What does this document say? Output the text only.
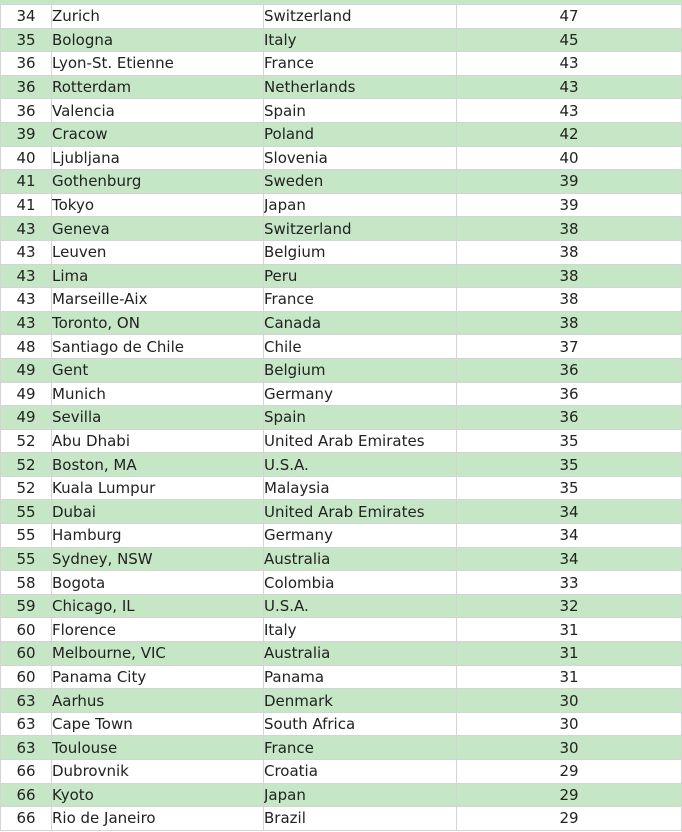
34	Zurich	Switzerland	47
35	Bologna	Italy	45
36	Lyon-St. Etienne	France	43
36	Rotterdam	Netherlands	43
36	Valencia	Spain	43
39	Cracow	Poland	42
40	Ljubljana	Slovenia	40
41	Gothenburg	Sweden	39
41	Tokyo	Japan	39
43	Geneva	Switzerland	38
43	Leuven	Belgium	38
43	Lima	Peru	38
43	Marseille-Aix	France	38
43	Toronto, ON	Canada	38
48	Santiago de Chile	Chile	37
49	Gent	Belgium	36
49	Munich	Germany	36
49	Sevilla	Spain	36
52	Abu Dhabi	United Arab Emirates	35
52	Boston, MA	U.S.A.	35
52	Kuala Lumpur	Malaysia	35
55	Dubai	United Arab Emirates	34
55	Hamburg	Germany	34
55	Sydney, NSW	Australia	34
58	Bogota	Colombia	33
59	Chicago, IL	U.S.A.	32
60	Florence	Italy	31
60	Melbourne, VIC	Australia	31
60	Panama City	Panama	31
63	Aarhus	Denmark	30
63	Cape Town	South Africa	30
63	Toulouse	France	30
66	Dubrovnik	Croatia	29
66	Kyoto	Japan	29
66	Rio de Janeiro	Brazil	29
